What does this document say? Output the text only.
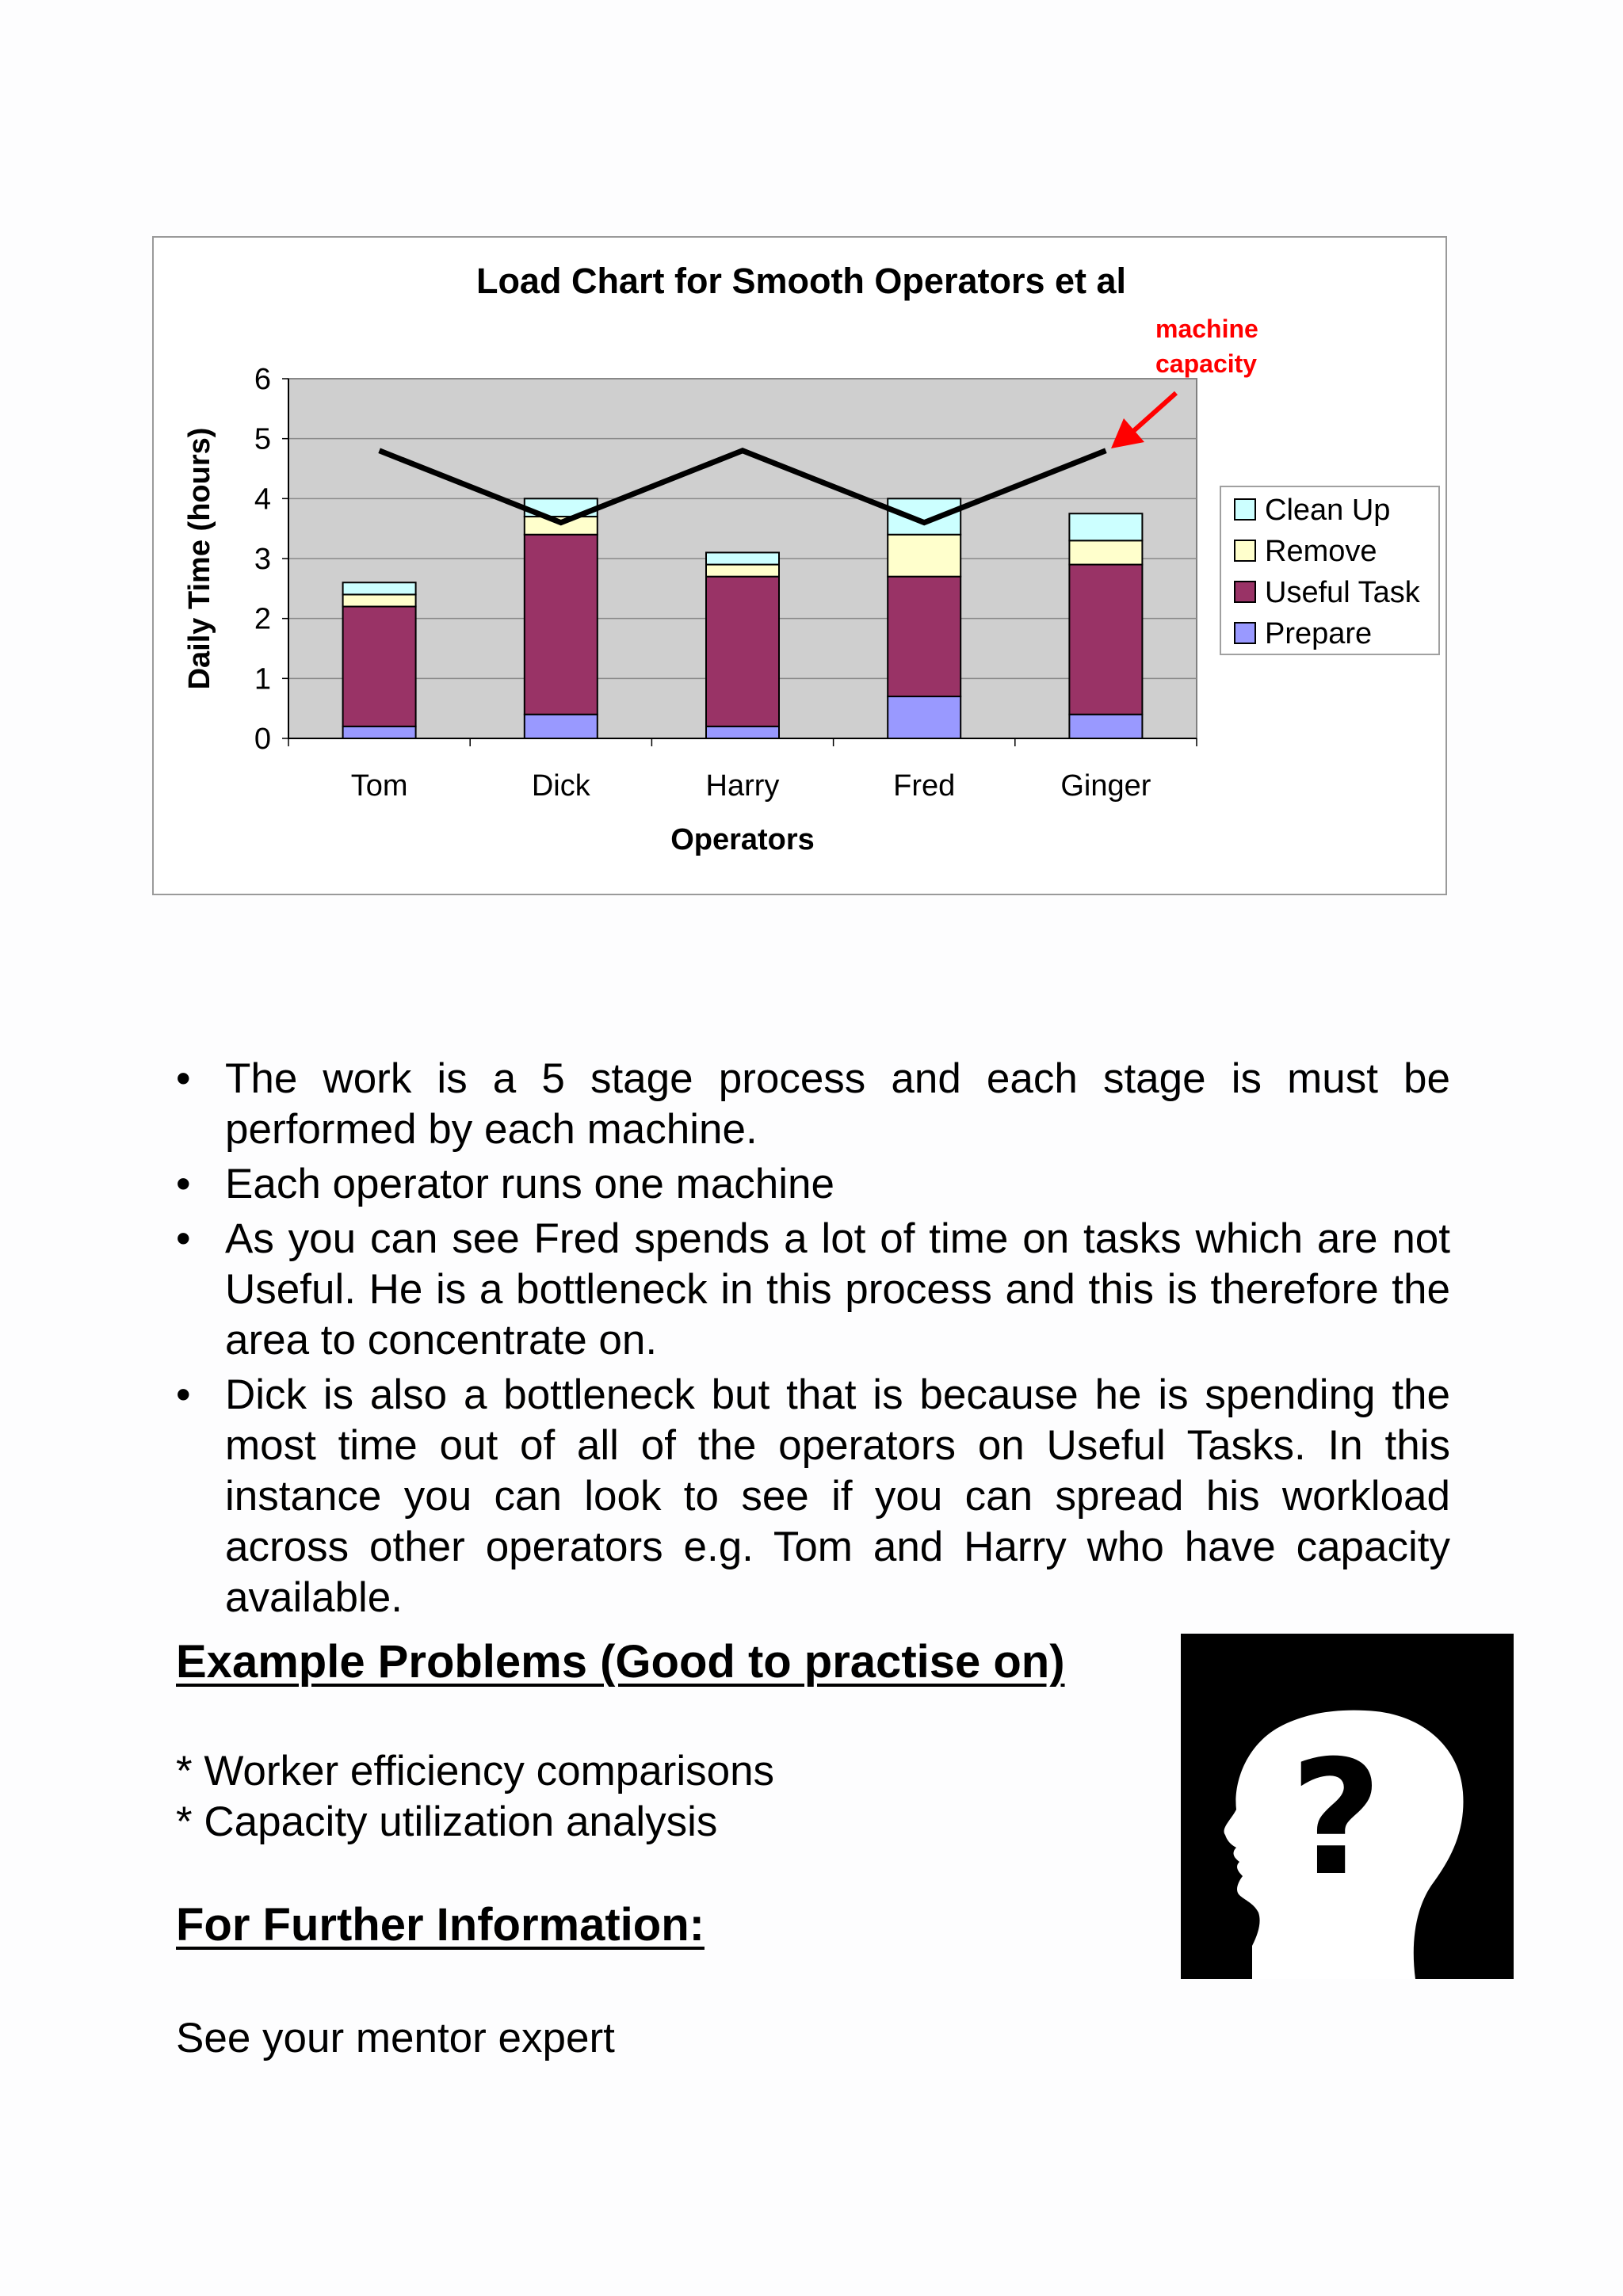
0
1
2
3
4
5
6
Tom	Dick	Harry	Fred	Ginger
Load Chart for Smooth Operators et al
Operators
Daily Time (hours)
machine
capacity
Clean Up
Remove
Useful Task
Prepare
• The work is a 5 stage process and each stage is must be performed by each machine.
• Each operator runs one machine
• As you can see Fred spends a lot of time on tasks which are not Useful. He is a bottleneck in this process and this is therefore the area to concentrate on.
• Dick is also a bottleneck but that is because he is spending the most time out of all of the operators on Useful Tasks. In this instance you can look to see if you can spread his workload across other operators e.g. Tom and Harry who have capacity available.
Example Problems (Good to practise on)
* Worker efficiency comparisons
* Capacity utilization analysis
For Further Information:

See your mentor expert

?
